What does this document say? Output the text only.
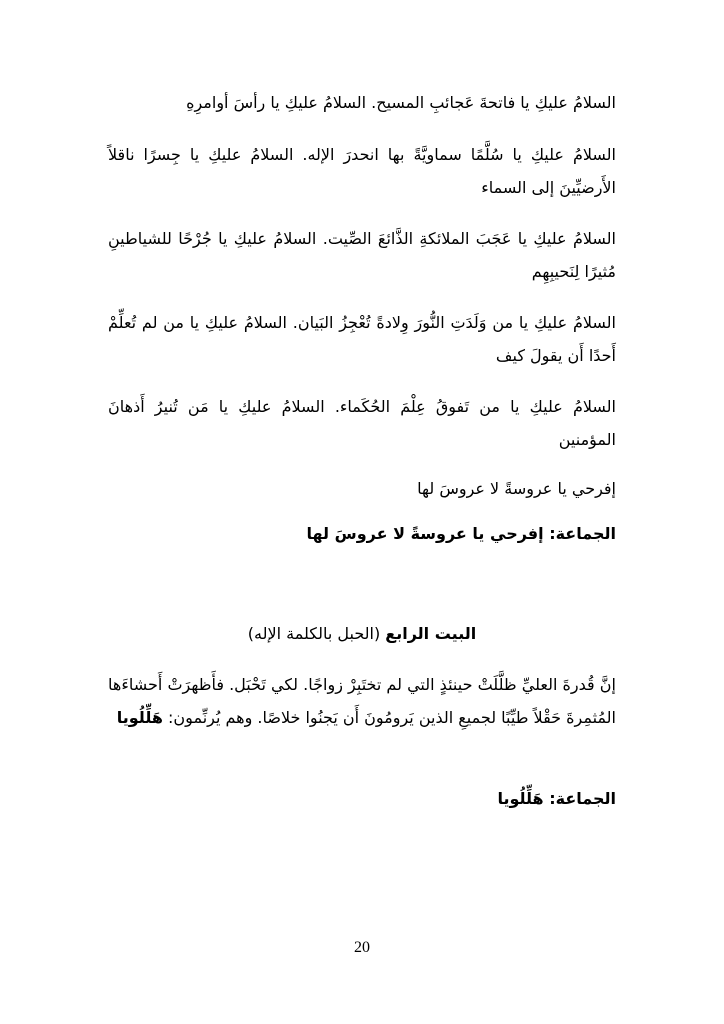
السلامُ عليكِ يا فاتحةَ عَجائبِ المسيح. السلامُ عليكِ يا رأسَ أوامرِهِ
السلامُ عليكِ يا سُلَّمًا سماويَّةً بها انحدرَ الإله. السلامُ عليكِ يا جِسرًا ناقلاً الأَرضيِّينَ إلى السماء
السلامُ عليكِ يا عَجَبَ الملائكةِ الذَّائعَ الصِّيت. السلامُ عليكِ يا جُرْحًا للشياطينِ مُثيرًا لِنَحيبِهِم
السلامُ عليكِ يا من وَلَدَتِ النُّورَ وِلادةً تُعْجِزُ البَيان. السلامُ عليكِ يا من لم تُعلِّمْ أَحدًا أَن يقولَ كيف
السلامُ عليكِ يا من تَفوقُ عِلْمَ الحُكَماء. السلامُ عليكِ يا مَن تُنيرُ أَذهانَ المؤمنين
إفرحي يا عروسةً لا عروسَ لها
الجماعة: إفرحي يا عروسةً لا عروسَ لها
البيت الرابع (الحبل بالكلمة الإله)
إنَّ قُدرةَ العليِّ ظلَّلَتْ حينئذٍ التي لم تختَبِرْ زواجًا. لكي تَحْبَل. فأَظهرَتْ أَحشاءَها المُثمِرةَ حَقْلاً طيِّبًا لجميعِ الذين يَرومُونَ أَن يَجنُوا خلاصًا. وهم يُرنِّمون: هَلِّلُويا
الجماعة: هَلِّلُويا
20
